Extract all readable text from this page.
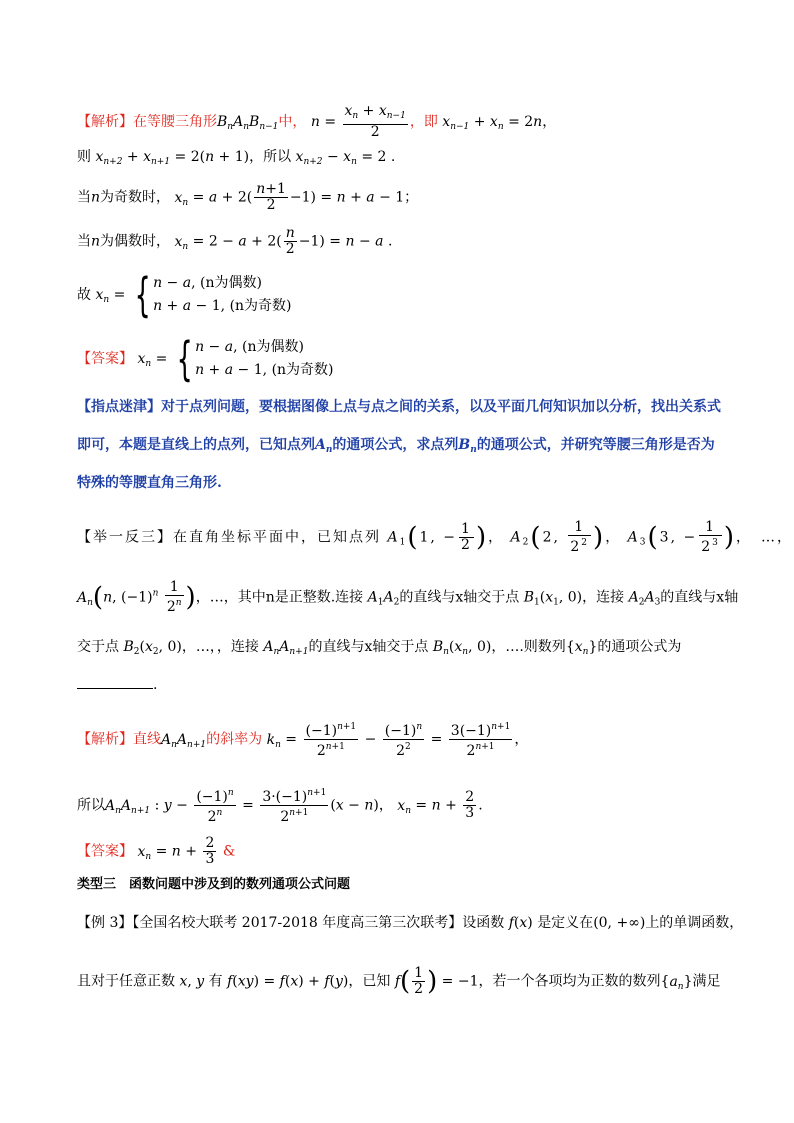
【解析】在等腰三角形$B_nA_nB_{n-1}$中， $n = \frac{x_n + x_{n-1}}{2}$ ，即 $x_{n-1} + x_n = 2n$，
则 $x_{n+2} + x_{n+1} = 2(n + 1)$，所以 $x_{n+2} - x_n = 2$ .
当n为奇数时， $x_n = a + 2( \frac{n+1}{2} -1) = n + a - 1$；
当n为偶数时， $x_n = 2 - a + 2( \frac{n}{2} -1) = n - a$ .
故 $x_n$ = { n − a, (n为偶数)
n + a − 1, (n为奇数)
【答案】 $x_n$ = { n − a, (n为偶数)
n + a − 1, (n为奇数)
【指点迷津】对于点列问题，要根据图像上点与点之间的关系，以及平面几何知识加以分析，找出关系式
即可，本题是直线上的点列，已知点列$A_n$的通项公式，求点列$B_n$的通项公式，并研究等腰三角形是否为
特殊的等腰直角三角形.
【举一反三】在直角坐标平面中，已知点列 $A_1(1$, − $\frac{1}{2}$ )， $A_2(2$, $\frac{1}{2^2}$ )， $A_3(3$, − $\frac{1}{2^3}$ )，　…，
$A_n(n$, $(-1)^n \frac{1}{2^n}$ )，…，其中n是正整数.连接 $A_1A_2$的直线与x轴交于点 $B_1(x_1$, 0)，连接 $A_2A_3$的直线与x轴
交于点 $B_2(x_2$, 0)，…，，连接 $A_nA_{n+1}$的直线与x轴交于点 $B_n(x_n$, 0)，….则数列$\{x_n\}$的通项公式为
.
【解析】直线$A_nA_{n+1}$的斜率为 $k_n = \frac{(-1)^{n+1}}{2^{n+1}} - \frac{(-1)^n}{2^2} = \frac{3(-1)^{n+1}}{2^{n+1}}$ ，
所以$A_nA_{n+1}$ : $y - \frac{(-1)^n}{2^n} = \frac{3\cdot(-1)^{n+1}}{2^{n+1}} (x - n)$， $x_n = n + \frac{2}{3}$ .
【答案】 $x_n = n + \frac{2}{3}$ &
类型三　函数问题中涉及到的数列通项公式问题
【例 3】【全国名校大联考 2017-2018 年度高三第三次联考】设函数 f(x) 是定义在(0, +∞)上的单调函数，
且对于任意正数 x, y 有 f(xy) = f(x) + f(y)，已知 $f( \frac{1}{2}$ ) = −1，若一个各项均为正数的数列$\{a_n\}$满足
